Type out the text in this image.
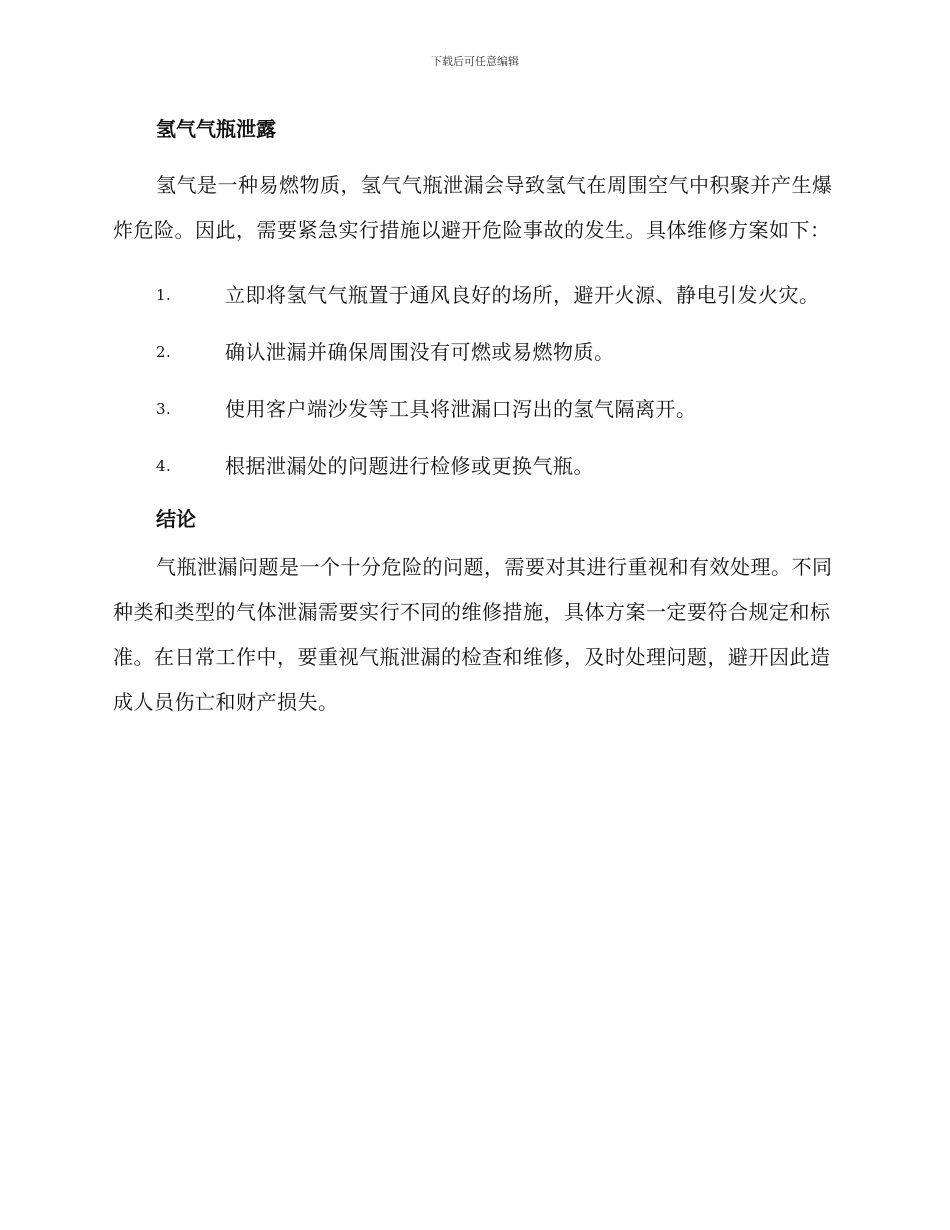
下载后可任意编辑
氢气气瓶泄露

氢气是一种易燃物质，氢气气瓶泄漏会导致氢气在周围空气中积聚并产生爆炸危险。因此，需要紧急实行措施以避开危险事故的发生。具体维修方案如下：

1.	立即将氢气气瓶置于通风良好的场所，避开火源、静电引发火灾。
2.	确认泄漏并确保周围没有可燃或易燃物质。
3.	使用客户端沙发等工具将泄漏口泻出的氢气隔离开。
4.	根据泄漏处的问题进行检修或更换气瓶。
结论

气瓶泄漏问题是一个十分危险的问题，需要对其进行重视和有效处理。不同种类和类型的气体泄漏需要实行不同的维修措施，具体方案一定要符合规定和标准。在日常工作中，要重视气瓶泄漏的检查和维修，及时处理问题，避开因此造成人员伤亡和财产损失。
